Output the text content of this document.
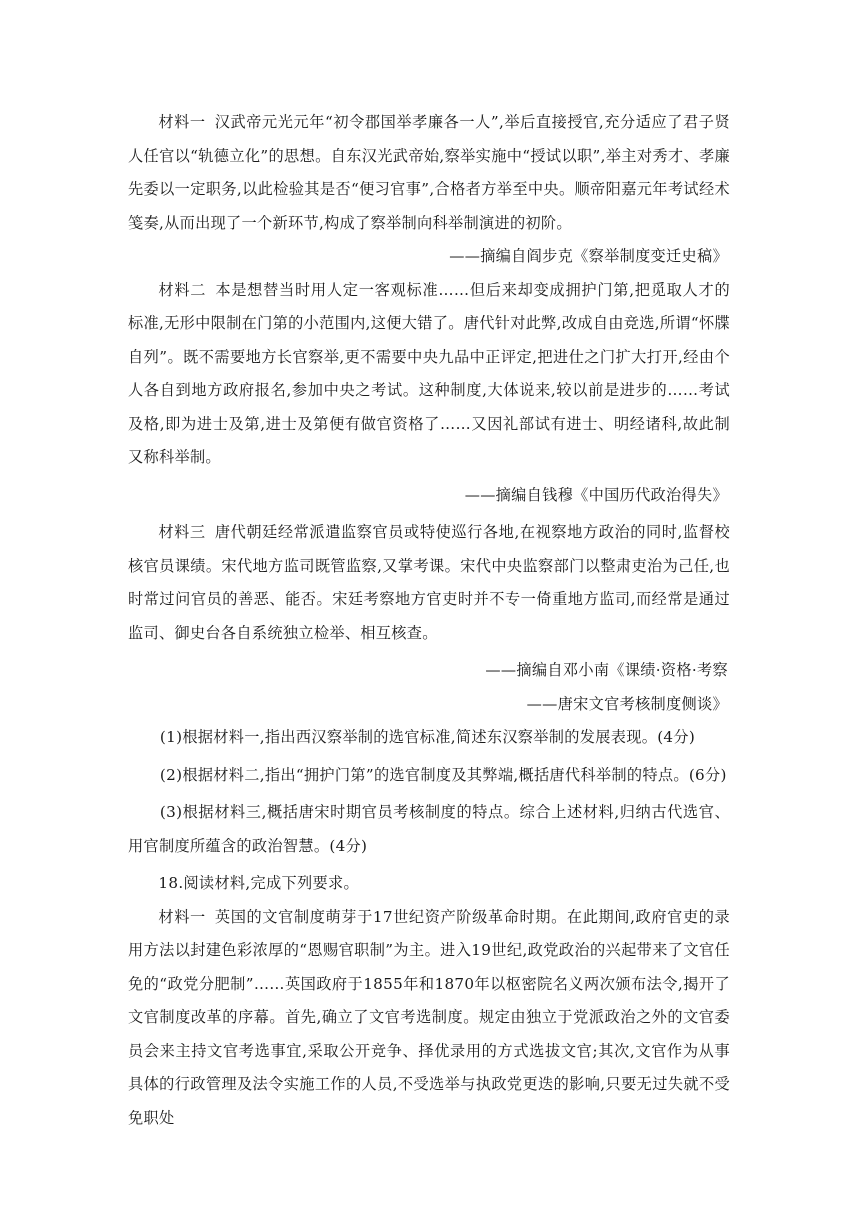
材料一 汉武帝元光元年“初令郡国举孝廉各一人”,举后直接授官,充分适应了君子贤人任官以“轨德立化”的思想。自东汉光武帝始,察举实施中“授试以职”,举主对秀才、孝廉先委以一定职务,以此检验其是否“便习官事”,合格者方举至中央。顺帝阳嘉元年考试经术笺奏,从而出现了一个新环节,构成了察举制向科举制演进的初阶。

——摘编自阎步克《察举制度变迁史稿》

材料二 本是想替当时用人定一客观标准……但后来却变成拥护门第,把觅取人才的标准,无形中限制在门第的小范围内,这便大错了。唐代针对此弊,改成自由竞选,所谓“怀牒自列”。既不需要地方长官察举,更不需要中央九品中正评定,把进仕之门扩大打开,经由个人各自到地方政府报名,参加中央之考试。这种制度,大体说来,较以前是进步的……考试及格,即为进士及第,进士及第便有做官资格了……又因礼部试有进士、明经诸科,故此制又称科举制。

——摘编自钱穆《中国历代政治得失》

材料三 唐代朝廷经常派遣监察官员或特使巡行各地,在视察地方政治的同时,监督校核官员课绩。宋代地方监司既管监察,又掌考课。宋代中央监察部门以整肃吏治为己任,也时常过问官员的善恶、能否。宋廷考察地方官吏时并不专一倚重地方监司,而经常是通过监司、御史台各自系统独立检举、相互核查。

——摘编自邓小南《课绩·资格·考察

——唐宋文官考核制度侧谈》

(1)根据材料一,指出西汉察举制的选官标准,简述东汉察举制的发展表现。(4分)

(2)根据材料二,指出“拥护门第”的选官制度及其弊端,概括唐代科举制的特点。(6分)

(3)根据材料三,概括唐宋时期官员考核制度的特点。综合上述材料,归纳古代选官、用官制度所蕴含的政治智慧。(4分)

18.阅读材料,完成下列要求。

材料一 英国的文官制度萌芽于17世纪资产阶级革命时期。在此期间,政府官吏的录用方法以封建色彩浓厚的“恩赐官职制”为主。进入19世纪,政党政治的兴起带来了文官任免的“政党分肥制”……英国政府于1855年和1870年以枢密院名义两次颁布法令,揭开了文官制度改革的序幕。首先,确立了文官考选制度。规定由独立于党派政治之外的文官委员会来主持文官考选事宜,采取公开竞争、择优录用的方式选拔文官;其次,文官作为从事具体的行政管理及法令实施工作的人员,不受选举与执政党更迭的影响,只要无过失就不受免职处
